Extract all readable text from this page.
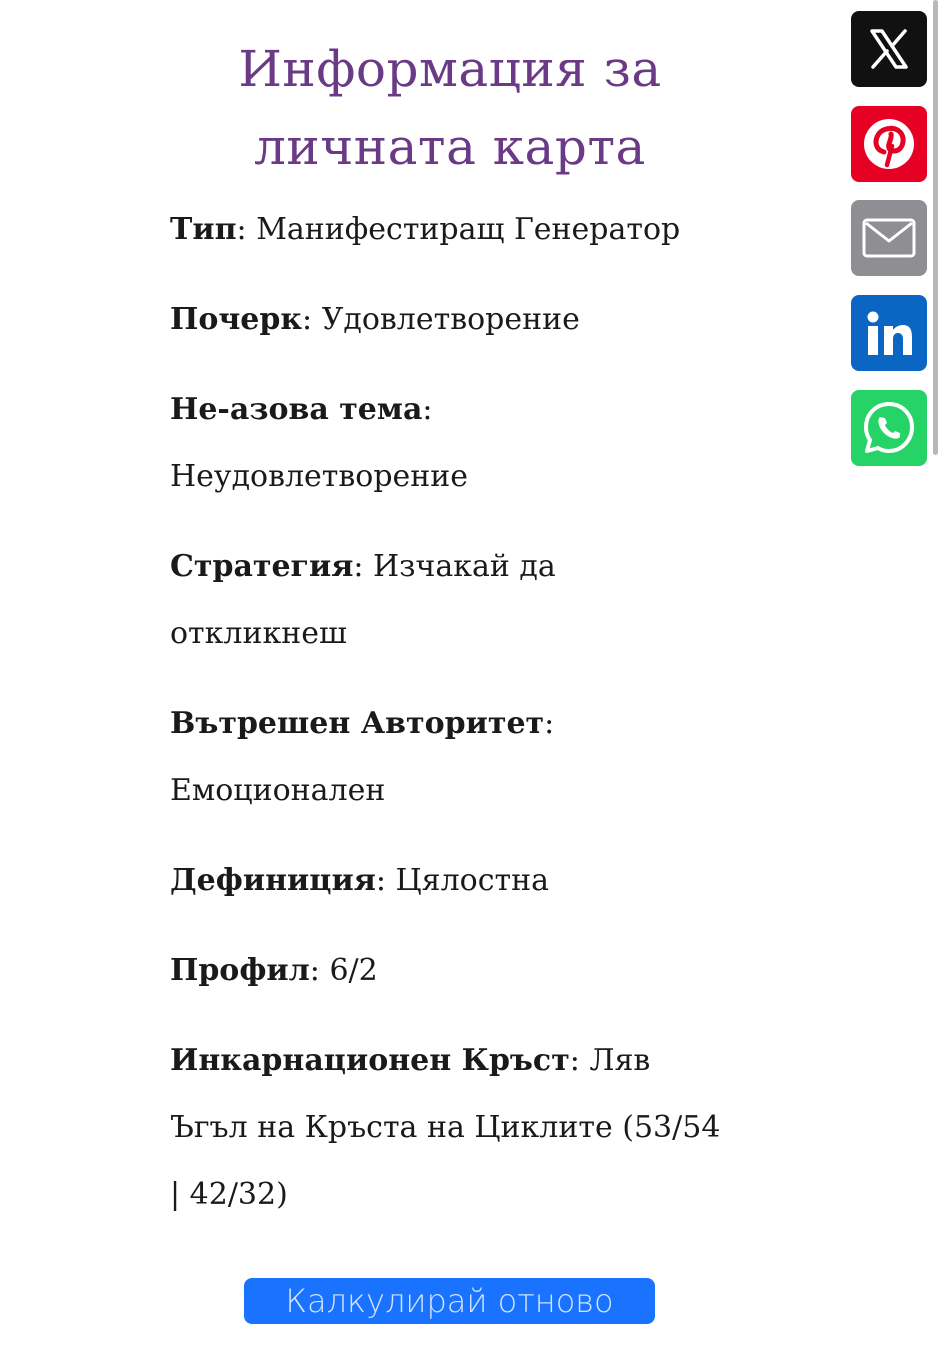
Информация за личната карта

Тип: Манифестиращ Генератор

Почерк: Удовлетворение

Не-азова тема: Неудовлетворение

Стратегия: Изчакай да откликнеш

Вътрешен Авторитет: Емоционален

Дефиниция: Цялостна

Профил: 6/2

Инкарнационен Кръст: Ляв Ъгъл на Кръста на Циклите (53/54 | 42/32)

Калкулирай отново
